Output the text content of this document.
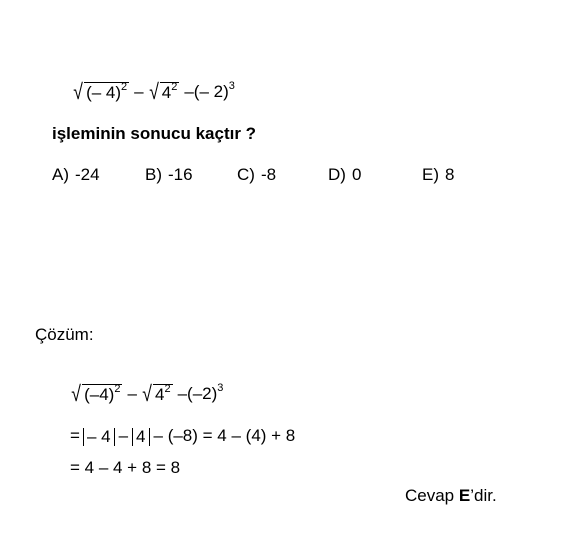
√ (– 4)$^2$ – √ $4^2$ – (– 2)$^3$
işleminin sonucu kaçtır ?
A) -24	B) -16	C) -8	D) 0	E) 8
Çözüm:
√ $(-4)^2$ – √ $4^2 - (-2)^3$
= – 4 – 4 – (–8) = 4 – (4) + 8
= 4 – 4 + 8 = 8
Cevap E’dir.
